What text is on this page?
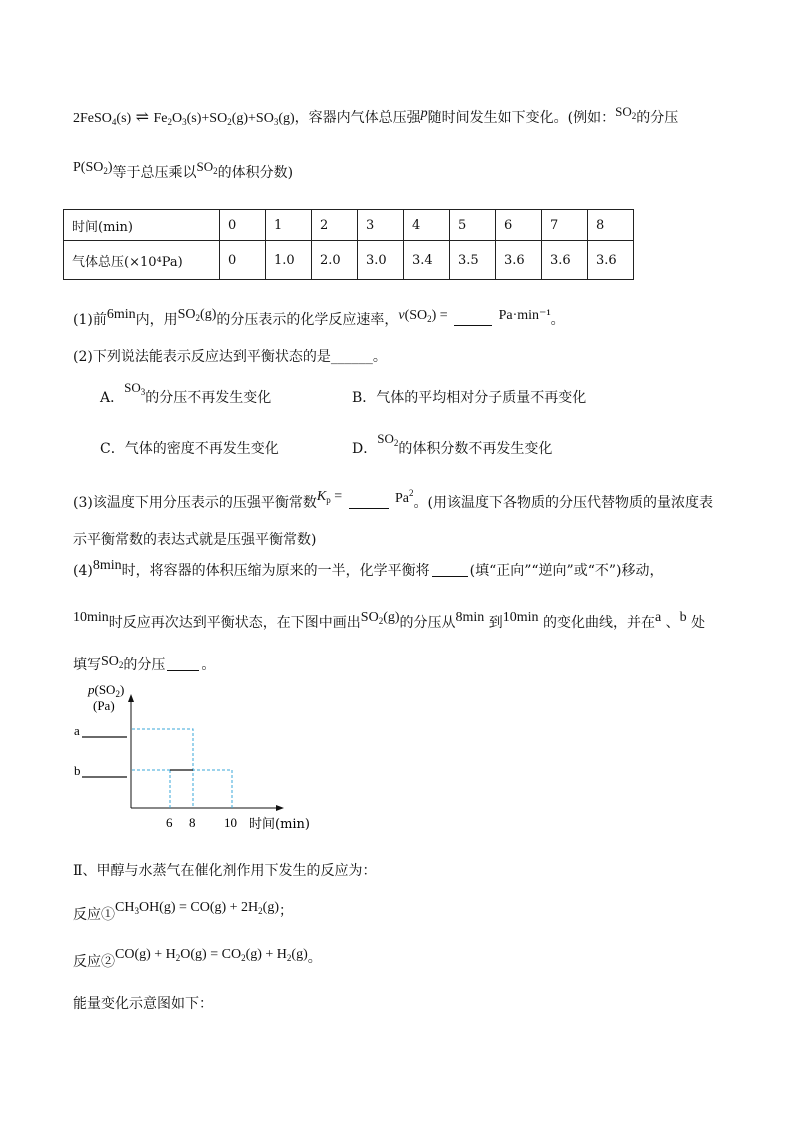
2FeSO$_4$(s) ⇌ $Fe_2O_3(s)+SO_2(g)+SO_3(g)$，容器内气体总压强p随时间发生如下变化。(例如：$SO_2$的分压
$P(SO_2)$等于总压乘以$SO_2$的体积分数)
时间(min)	0	1	2	3	4	5	6	7	8
气体总压(×10⁴Pa)	0	1.0	2.0	3.0	3.4	3.5	3.6	3.6	3.6
(1)前6min内，用$SO_2(g)$的分压表示的化学反应速率，$v(SO_2)$ =	Pa·min⁻¹。
(2)下列说法能表示反应达到平衡状态的是______。
A．$SO_3$的分压不再发生变化	B．气体的平均相对分子质量不再变化
C．气体的密度不再发生变化	D．$SO_2$的体积分数不再发生变化
(3)该温度下用分压表示的压强平衡常数$K_p$ =	$Pa^2$。(用该温度下各物质的分压代替物质的量浓度表
示平衡常数的表达式就是压强平衡常数)
(4)8min时，将容器的体积压缩为原来的一半，化学平衡将	(填“正向”“逆向”或“不”)移动，
10min时反应再次达到平衡状态，在下图中画出$SO_2(g)$的分压从8min 到10min 的变化曲线，并在a 、b 处
填写$SO_2$的分压	。
$p(SO_2)$
(Pa)
a
b
6 8 10 时间(min)
Ⅱ、甲醇与水蒸气在催化剂作用下发生的反应为：
反应$①CH_3OH(g) = CO(g) + 2H_2(g)$；
反应②CO(g) + $H_2O(g) = CO_2(g) + H_2(g)$。
能量变化示意图如下：
